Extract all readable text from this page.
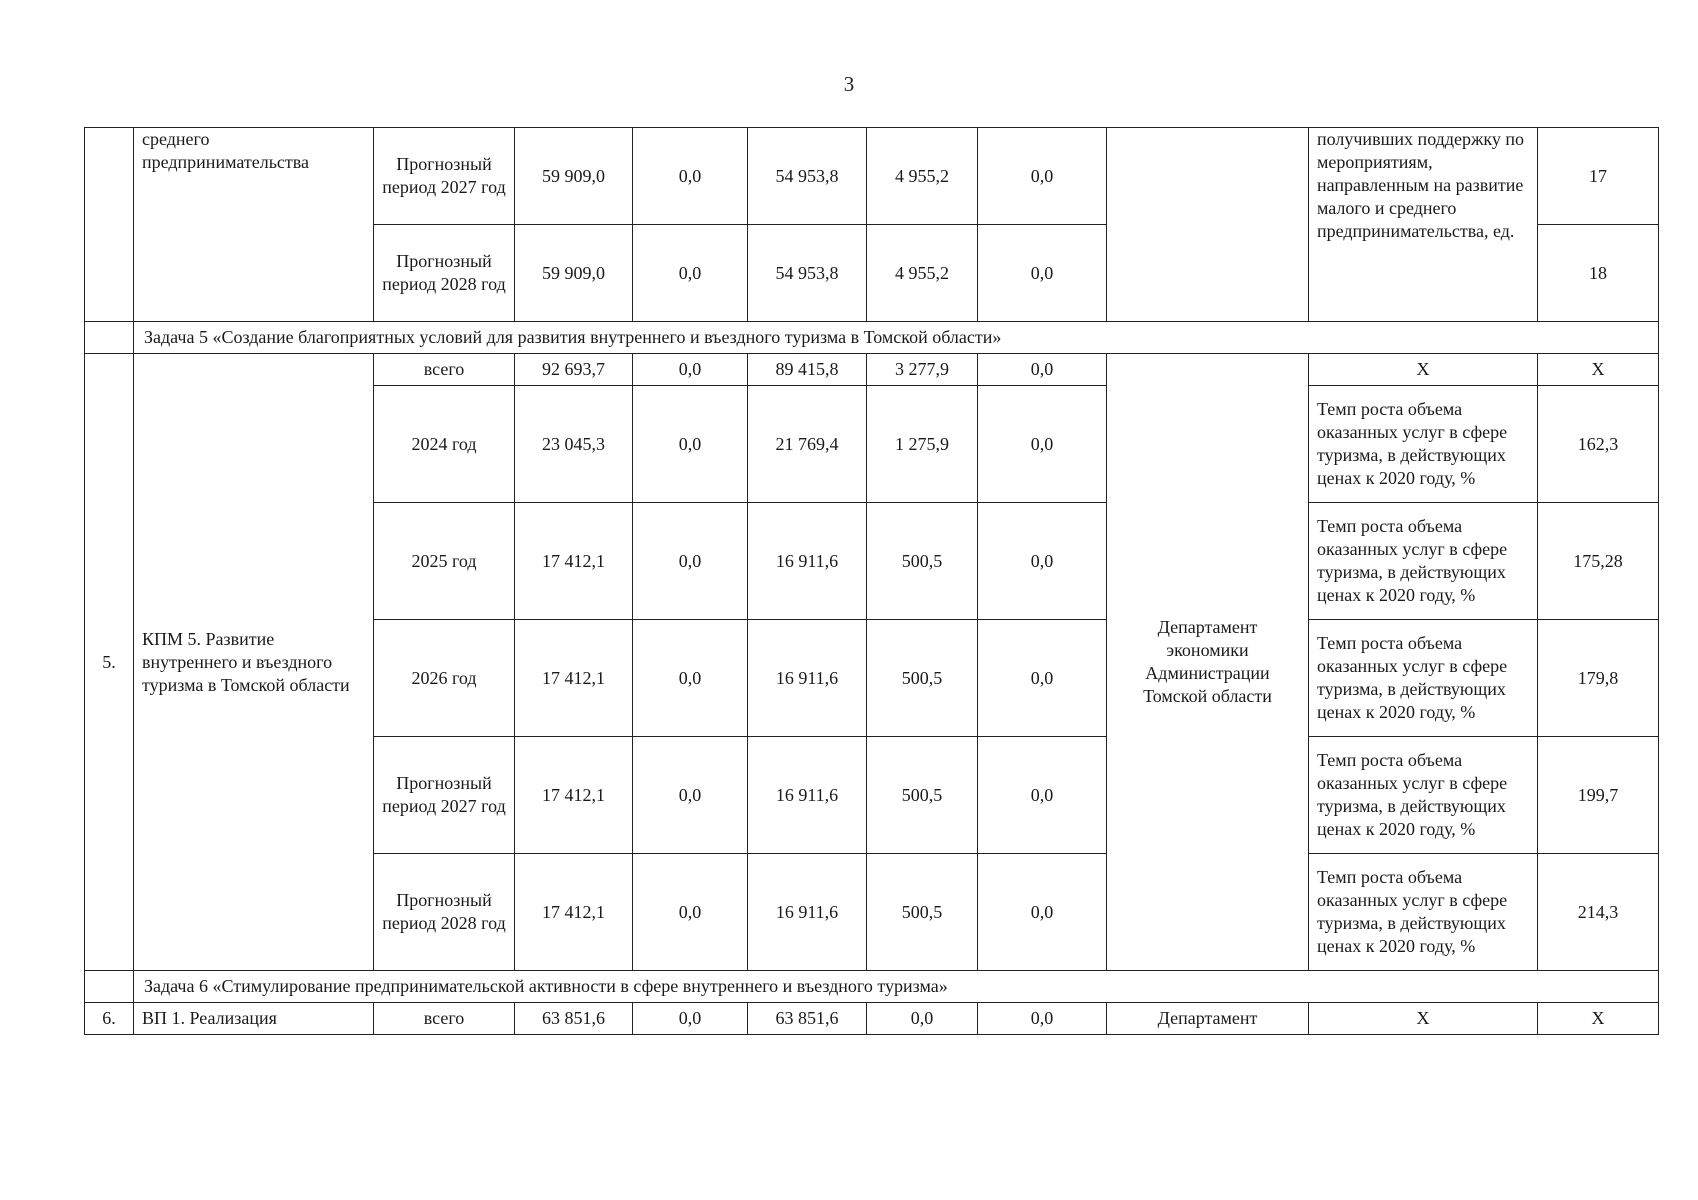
3
	среднего предпринимательства	Прогнозный период 2027 год	59 909,0	0,0	54 953,8	4 955,2	0,0		получивших поддержку по мероприятиям, направленным на развитие малого и среднего предпринимательства, ед.	17
		Прогнозный период 2028 год	59 909,0	0,0	54 953,8	4 955,2	0,0			18
	Задача 5 «Создание благоприятных условий для развития внутреннего и въездного туризма в Томской области»									
5.	КПМ 5. Развитие внутреннего и въездного туризма в Томской области	всего	92 693,7	0,0	89 415,8	3 277,9	0,0	Департамент экономики Администрации Томской области	Х	Х
		2024 год	23 045,3	0,0	21 769,4	1 275,9	0,0		Темп роста объема оказанных услуг в сфере туризма, в действующих ценах к 2020 году, %	162,3
		2025 год	17 412,1	0,0	16 911,6	500,5	0,0		Темп роста объема оказанных услуг в сфере туризма, в действующих ценах к 2020 году, %	175,28
		2026 год	17 412,1	0,0	16 911,6	500,5	0,0		Темп роста объема оказанных услуг в сфере туризма, в действующих ценах к 2020 году, %	179,8
		Прогнозный период 2027 год	17 412,1	0,0	16 911,6	500,5	0,0		Темп роста объема оказанных услуг в сфере туризма, в действующих ценах к 2020 году, %	199,7
		Прогнозный период 2028 год	17 412,1	0,0	16 911,6	500,5	0,0		Темп роста объема оказанных услуг в сфере туризма, в действующих ценах к 2020 году, %	214,3
	Задача 6 «Стимулирование предпринимательской активности в сфере внутреннего и въездного туризма»									
6.	ВП 1. Реализация	всего	63 851,6	0,0	63 851,6	0,0	0,0	Департамент	Х	Х
